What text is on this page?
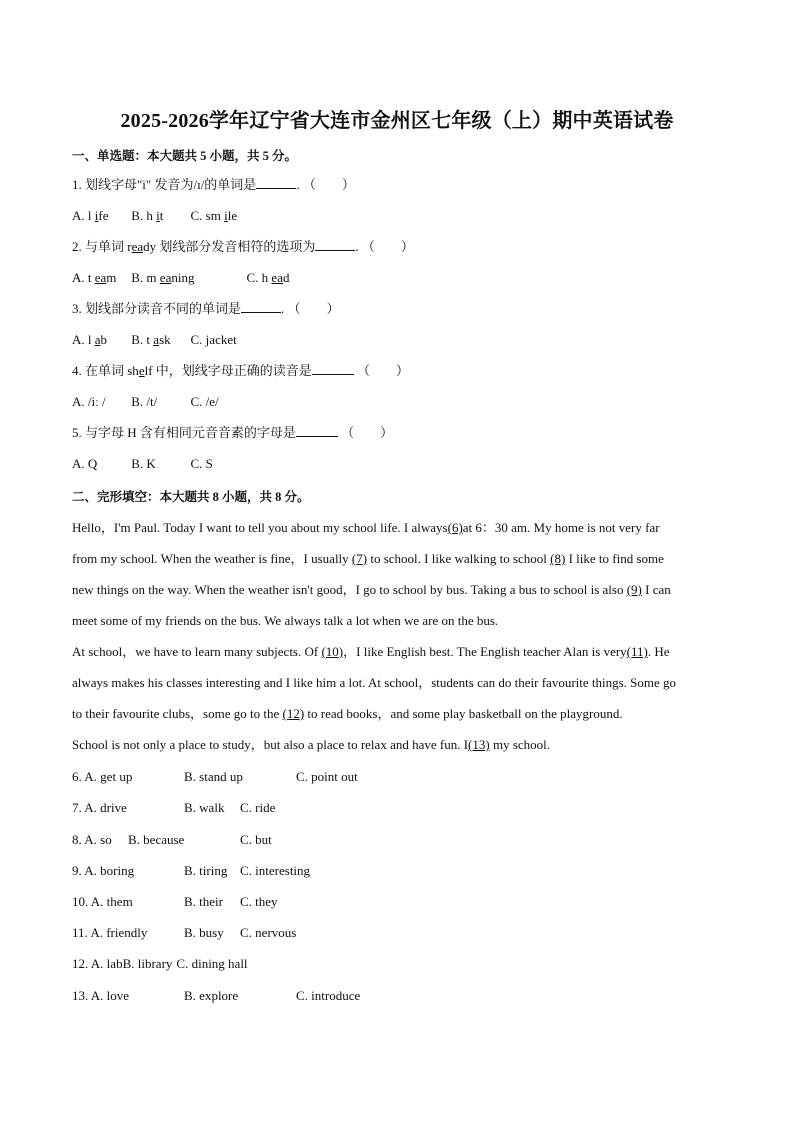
2025-2026学年辽宁省大连市金州区七年级（上）期中英语试卷
一、单选题：本大题共 5 小题，共 5 分。
1. 划线字母"i" 发音为/ɪ/的单词是	. （　　）
A. l ife B. h it C. sm ile
2. 与单词 ready 划线部分发音相符的选项为	. （　　）
A. t eam B. m eaning	C. h ead
3. 划线部分读音不同的单词是	. （　　）
A. l ab B. t ask C. jacket
4. 在单词 shelf 中，划线字母正确的读音是	（　　）
A. /iː / B. /t/	C. /e/
5. 与字母 H 含有相同元音音素的字母是	（　　）
A. Q	B. K	C. S
二、完形填空：本大题共 8 小题，共 8 分。

Hello，I'm Paul. Today I want to tell you about my school life. I always(6)at 6：30 am. My home is not very far

from my school. When the weather is fine，I usually (7) to school. I like walking to school (8) I like to find some

new things on the way. When the weather isn't good，I go to school by bus. Taking a bus to school is also (9) I can

meet some of my friends on the bus. We always talk a lot when we are on the bus.

At school，we have to learn many subjects. Of (10)，I like English best. The English teacher Alan is very(11). He

always makes his classes interesting and I like him a lot. At school，students can do their favourite things. Some go

to their favourite clubs，some go to the (12) to read books，and some play basketball on the playground.

School is not only a place to study，but also a place to relax and have fun. I(13) my school.

6. A. get up	B. stand up	C. point out
7. A. drive	B. walk C. ride
8. A. so B. because	C. but
9. A. boring	B. tiring C. interesting
10. A. them	B. their C. they
11. A. friendly	B. busy C. nervous
12. A. labB. library C. dining hall
13. A. love	B. explore	C. introduce
